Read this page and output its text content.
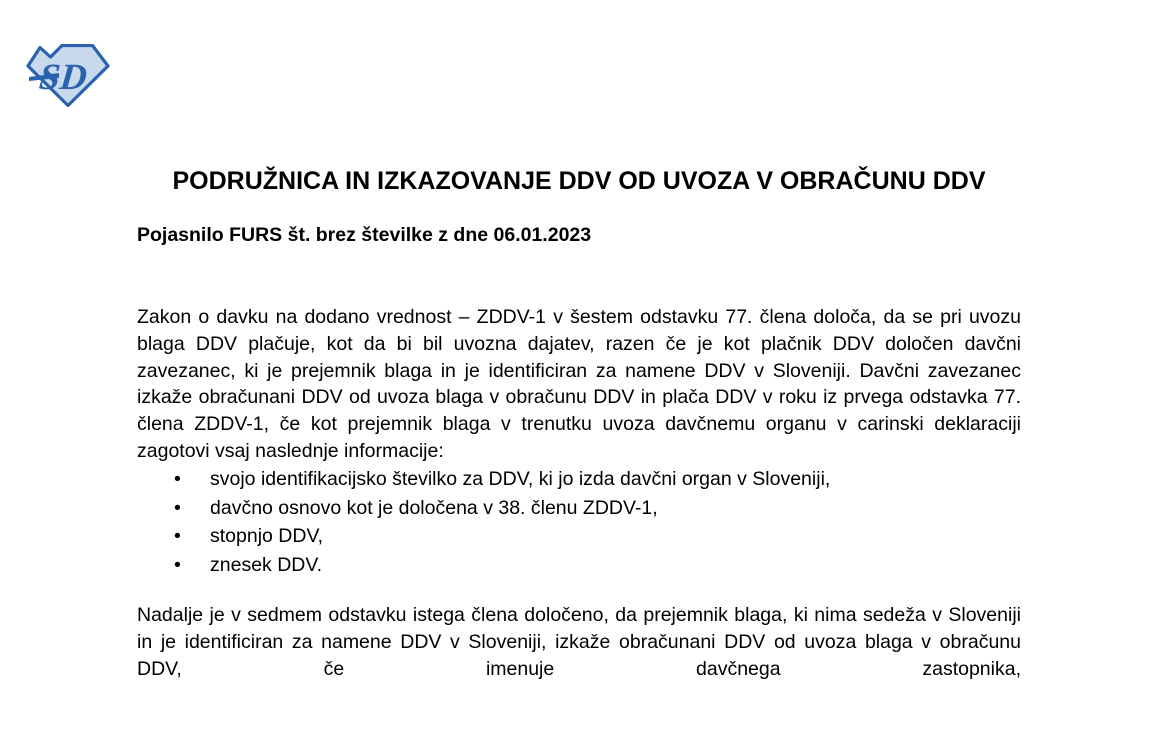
SD
PODRUŽNICA IN IZKAZOVANJE DDV OD UVOZA V OBRAČUNU DDV

Pojasnilo FURS št. brez številke z dne 06.01.2023

Zakon o davku na dodano vrednost – ZDDV-1 v šestem odstavku 77. člena določa, da se pri uvozu blaga DDV plačuje, kot da bi bil uvozna dajatev, razen če je kot plačnik DDV določen davčni zavezanec, ki je prejemnik blaga in je identificiran za namene DDV v Sloveniji. Davčni zavezanec izkaže obračunani DDV od uvoza blaga v obračunu DDV in plača DDV v roku iz prvega odstavka 77. člena ZDDV-1, če kot prejemnik blaga v trenutku uvoza davčnemu organu v carinski deklaraciji zagotovi vsaj naslednje informacije:

• svojo identifikacijsko številko za DDV, ki jo izda davčni organ v Sloveniji,
• davčno osnovo kot je določena v 38. členu ZDDV-1,
• stopnjo DDV,
• znesek DDV.

Nadalje je v sedmem odstavku istega člena določeno, da prejemnik blaga, ki nima sedeža v Sloveniji in je identificiran za namene DDV v Sloveniji, izkaže obračunani DDV od uvoza blaga v obračunu DDV, če imenuje davčnega zastopnika,
